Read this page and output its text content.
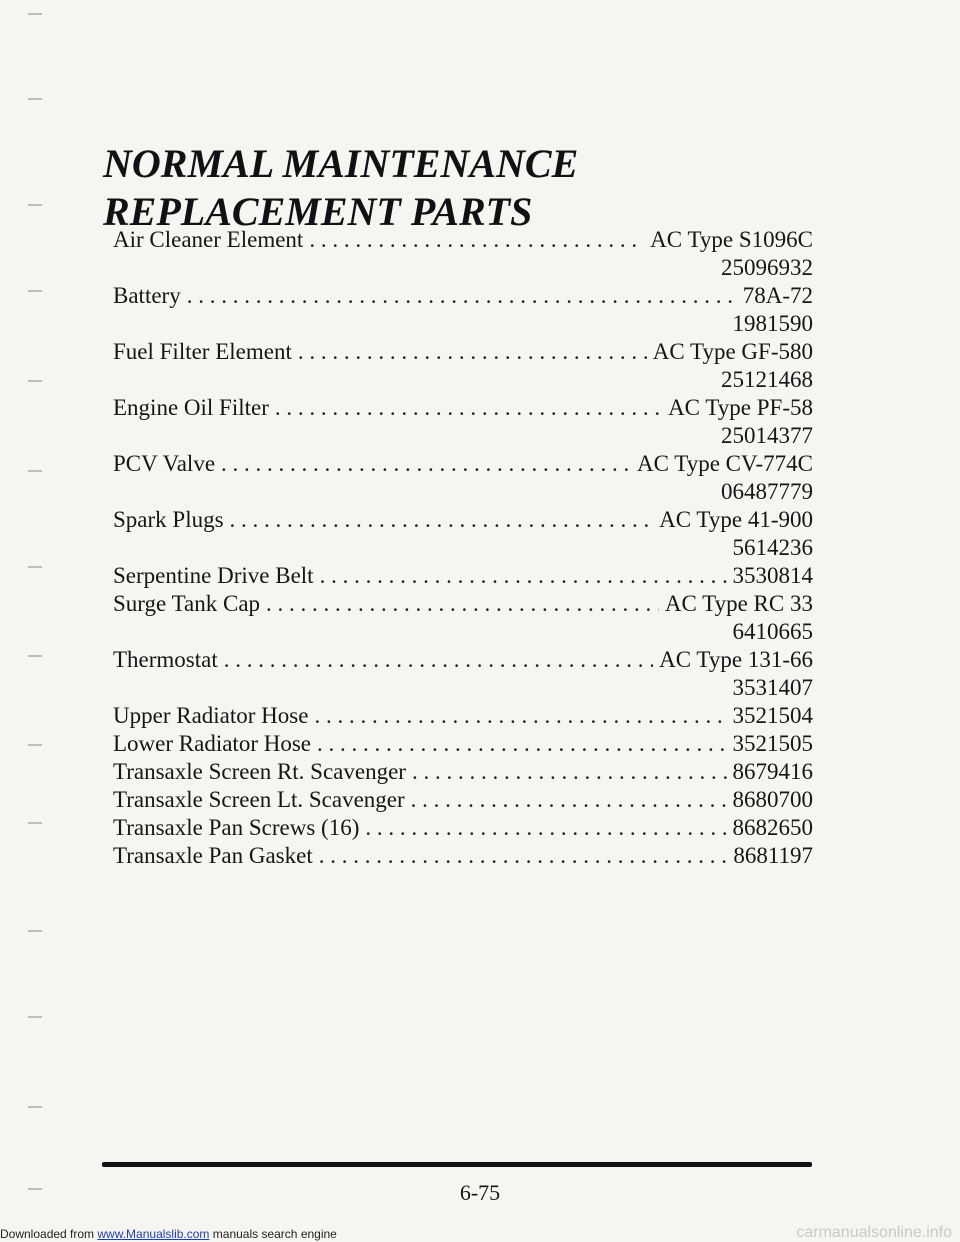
NORMAL MAINTENANCE REPLACEMENT PARTS
Air Cleaner Element . . .	AC Type S1096C
25096932
Battery . . .	78A-72
1981590
Fuel Filter Element . . .	AC Type GF-580
25121468
Engine Oil Filter . . .	AC Type PF-58
25014377
PCV Valve . . .	AC Type CV-774C
06487779
Spark Plugs . . .	AC Type 41-900
5614236
Serpentine Drive Belt . . .	3530814
Surge Tank Cap . . .	AC Type RC 33
6410665
Thermostat . . .	AC Type 131-66
3531407
Upper Radiator Hose . . .	3521504
Lower Radiator Hose . . .	3521505
Transaxle Screen Rt. Scavenger . . .	8679416
Transaxle Screen Lt. Scavenger . . .	8680700
Transaxle Pan Screws (16) . . .	8682650
Transaxle Pan Gasket . . .	8681197
6-75
Downloaded from www.Manualslib.com manuals search engine	carmanualsonline.info
